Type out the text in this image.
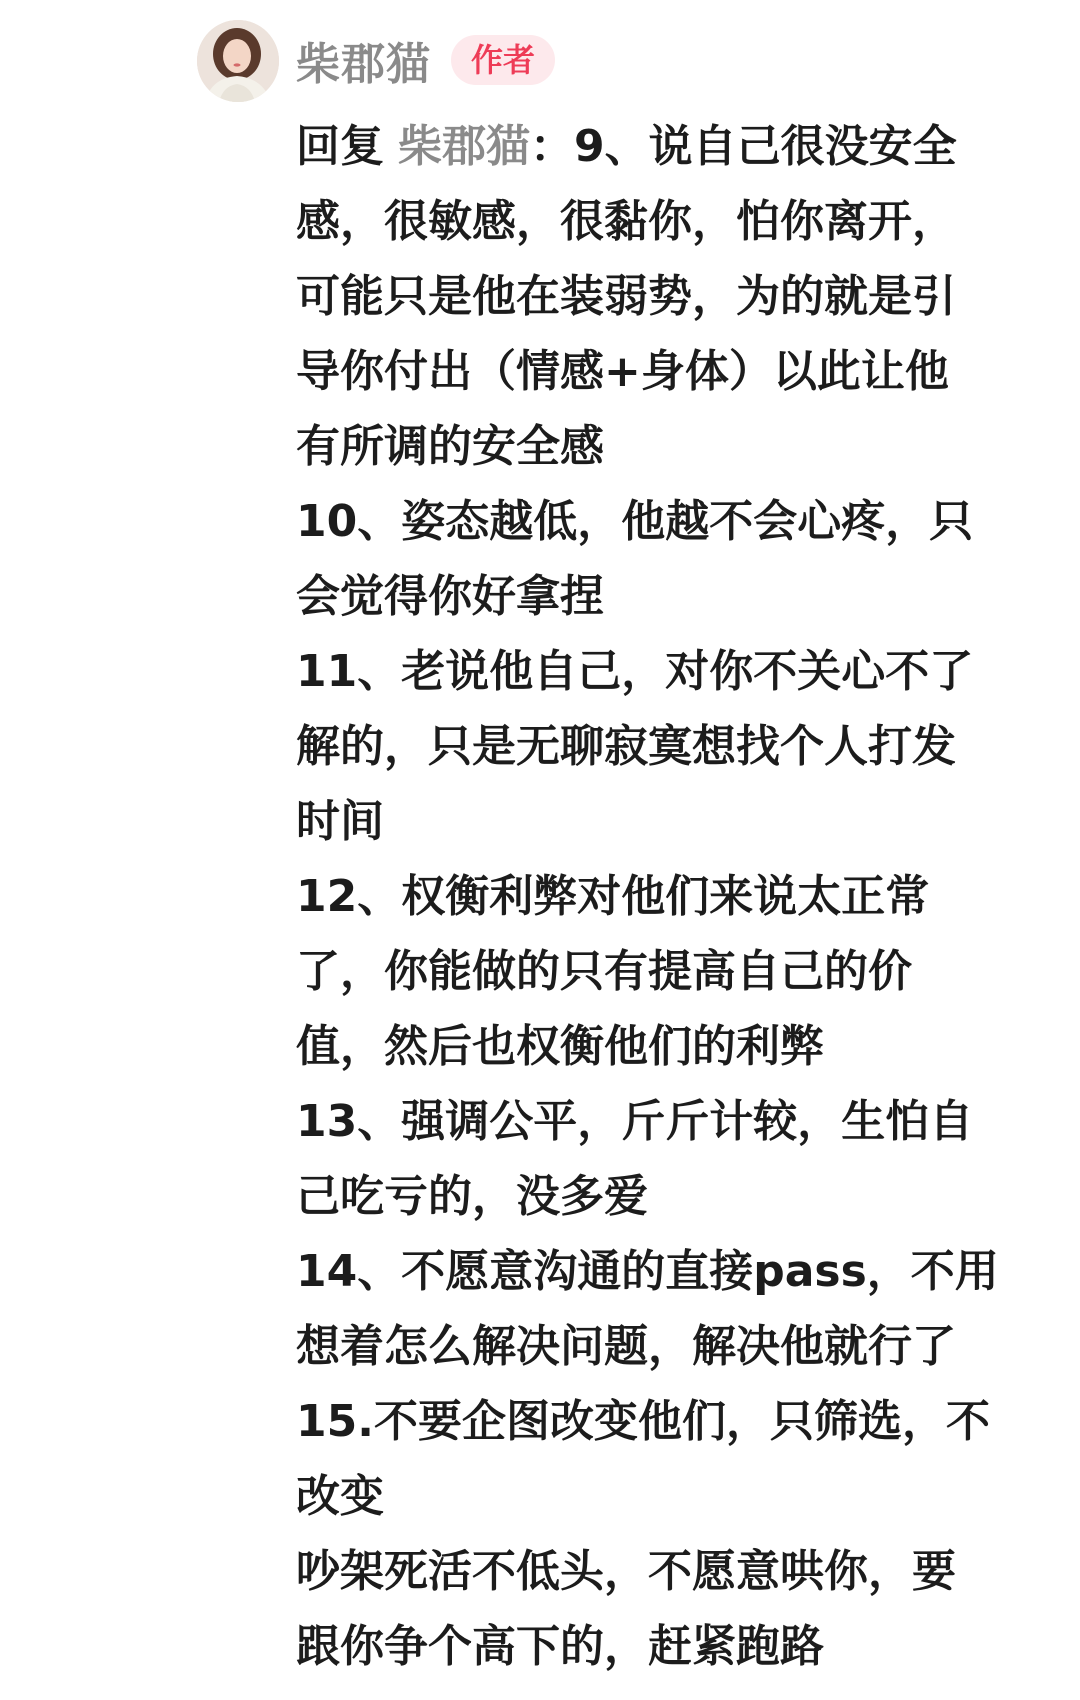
柴郡猫	作者
回复 柴郡猫：9、说自己很没安全
感，很敏感，很黏你，怕你离开，
可能只是他在装弱势，为的就是引
导你付出（情感+身体）以此让他
有所调的安全感
10、姿态越低，他越不会心疼，只
会觉得你好拿捏
11、老说他自己，对你不关心不了
解的，只是无聊寂寞想找个人打发
时间
12、权衡利弊对他们来说太正常
了，你能做的只有提高自己的价
值，然后也权衡他们的利弊
13、强调公平，斤斤计较，生怕自
己吃亏的，没多爱
14、不愿意沟通的直接pass，不用
想着怎么解决问题，解决他就行了
15.不要企图改变他们，只筛选，不
改变
吵架死活不低头，不愿意哄你，要
跟你争个高下的，赶紧跑路
